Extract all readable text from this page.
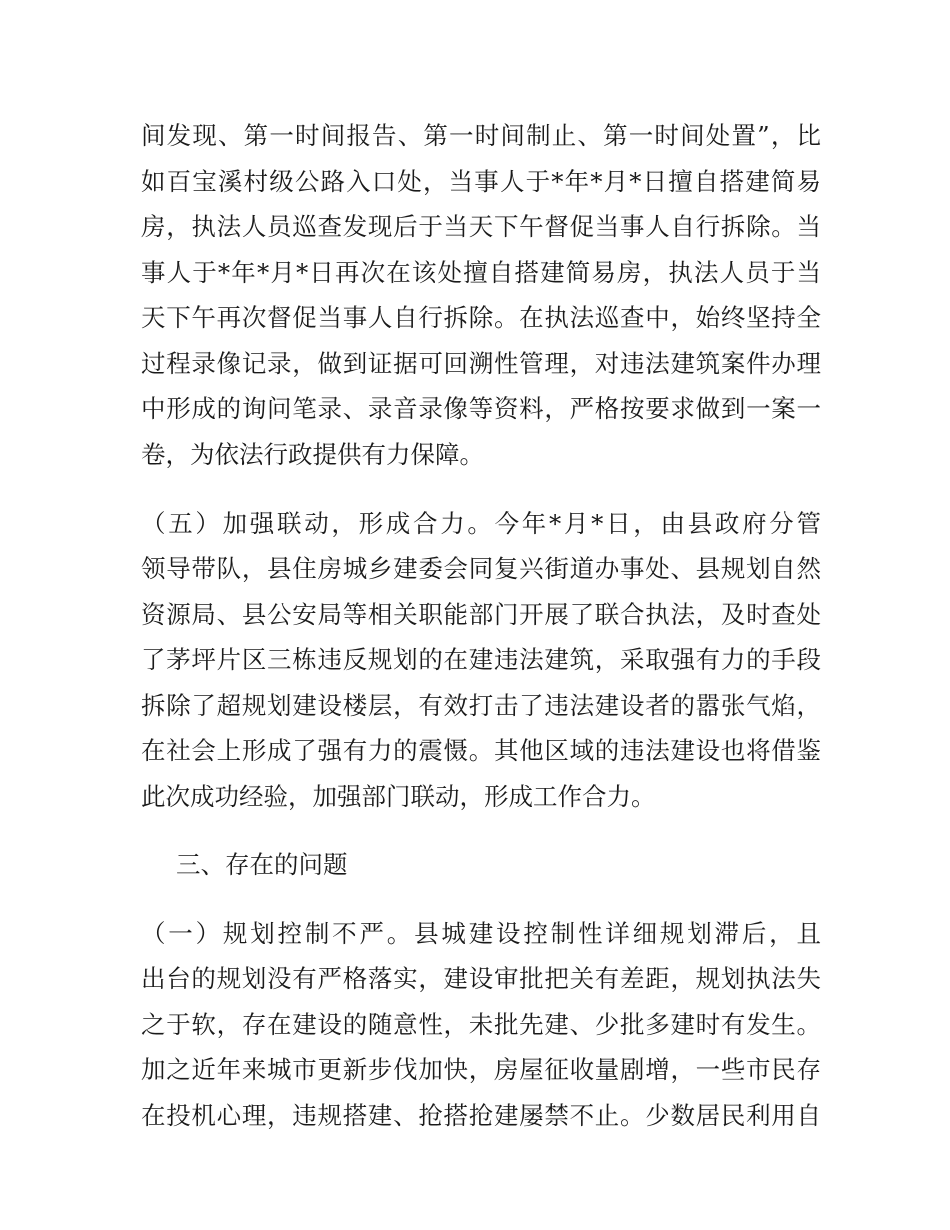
间发现、第一时间报告、第一时间制止、第一时间处置”，比
如百宝溪村级公路入口处，当事人于*年*月*日擅自搭建简易
房，执法人员巡查发现后于当天下午督促当事人自行拆除。当
事人于*年*月*日再次在该处擅自搭建简易房，执法人员于当
天下午再次督促当事人自行拆除。在执法巡查中，始终坚持全
过程录像记录，做到证据可回溯性管理，对违法建筑案件办理
中形成的询问笔录、录音录像等资料，严格按要求做到一案一
卷，为依法行政提供有力保障。
（五）加强联动，形成合力。今年*月*日，由县政府分管
领导带队，县住房城乡建委会同复兴街道办事处、县规划自然
资源局、县公安局等相关职能部门开展了联合执法，及时查处
了茅坪片区三栋违反规划的在建违法建筑，采取强有力的手段
拆除了超规划建设楼层，有效打击了违法建设者的嚣张气焰，
在社会上形成了强有力的震慑。其他区域的违法建设也将借鉴
此次成功经验，加强部门联动，形成工作合力。
三、存在的问题
（一）规划控制不严。县城建设控制性详细规划滞后，且
出台的规划没有严格落实，建设审批把关有差距，规划执法失
之于软，存在建设的随意性，未批先建、少批多建时有发生。
加之近年来城市更新步伐加快，房屋征收量剧增，一些市民存
在投机心理，违规搭建、抢搭抢建屡禁不止。少数居民利用自
